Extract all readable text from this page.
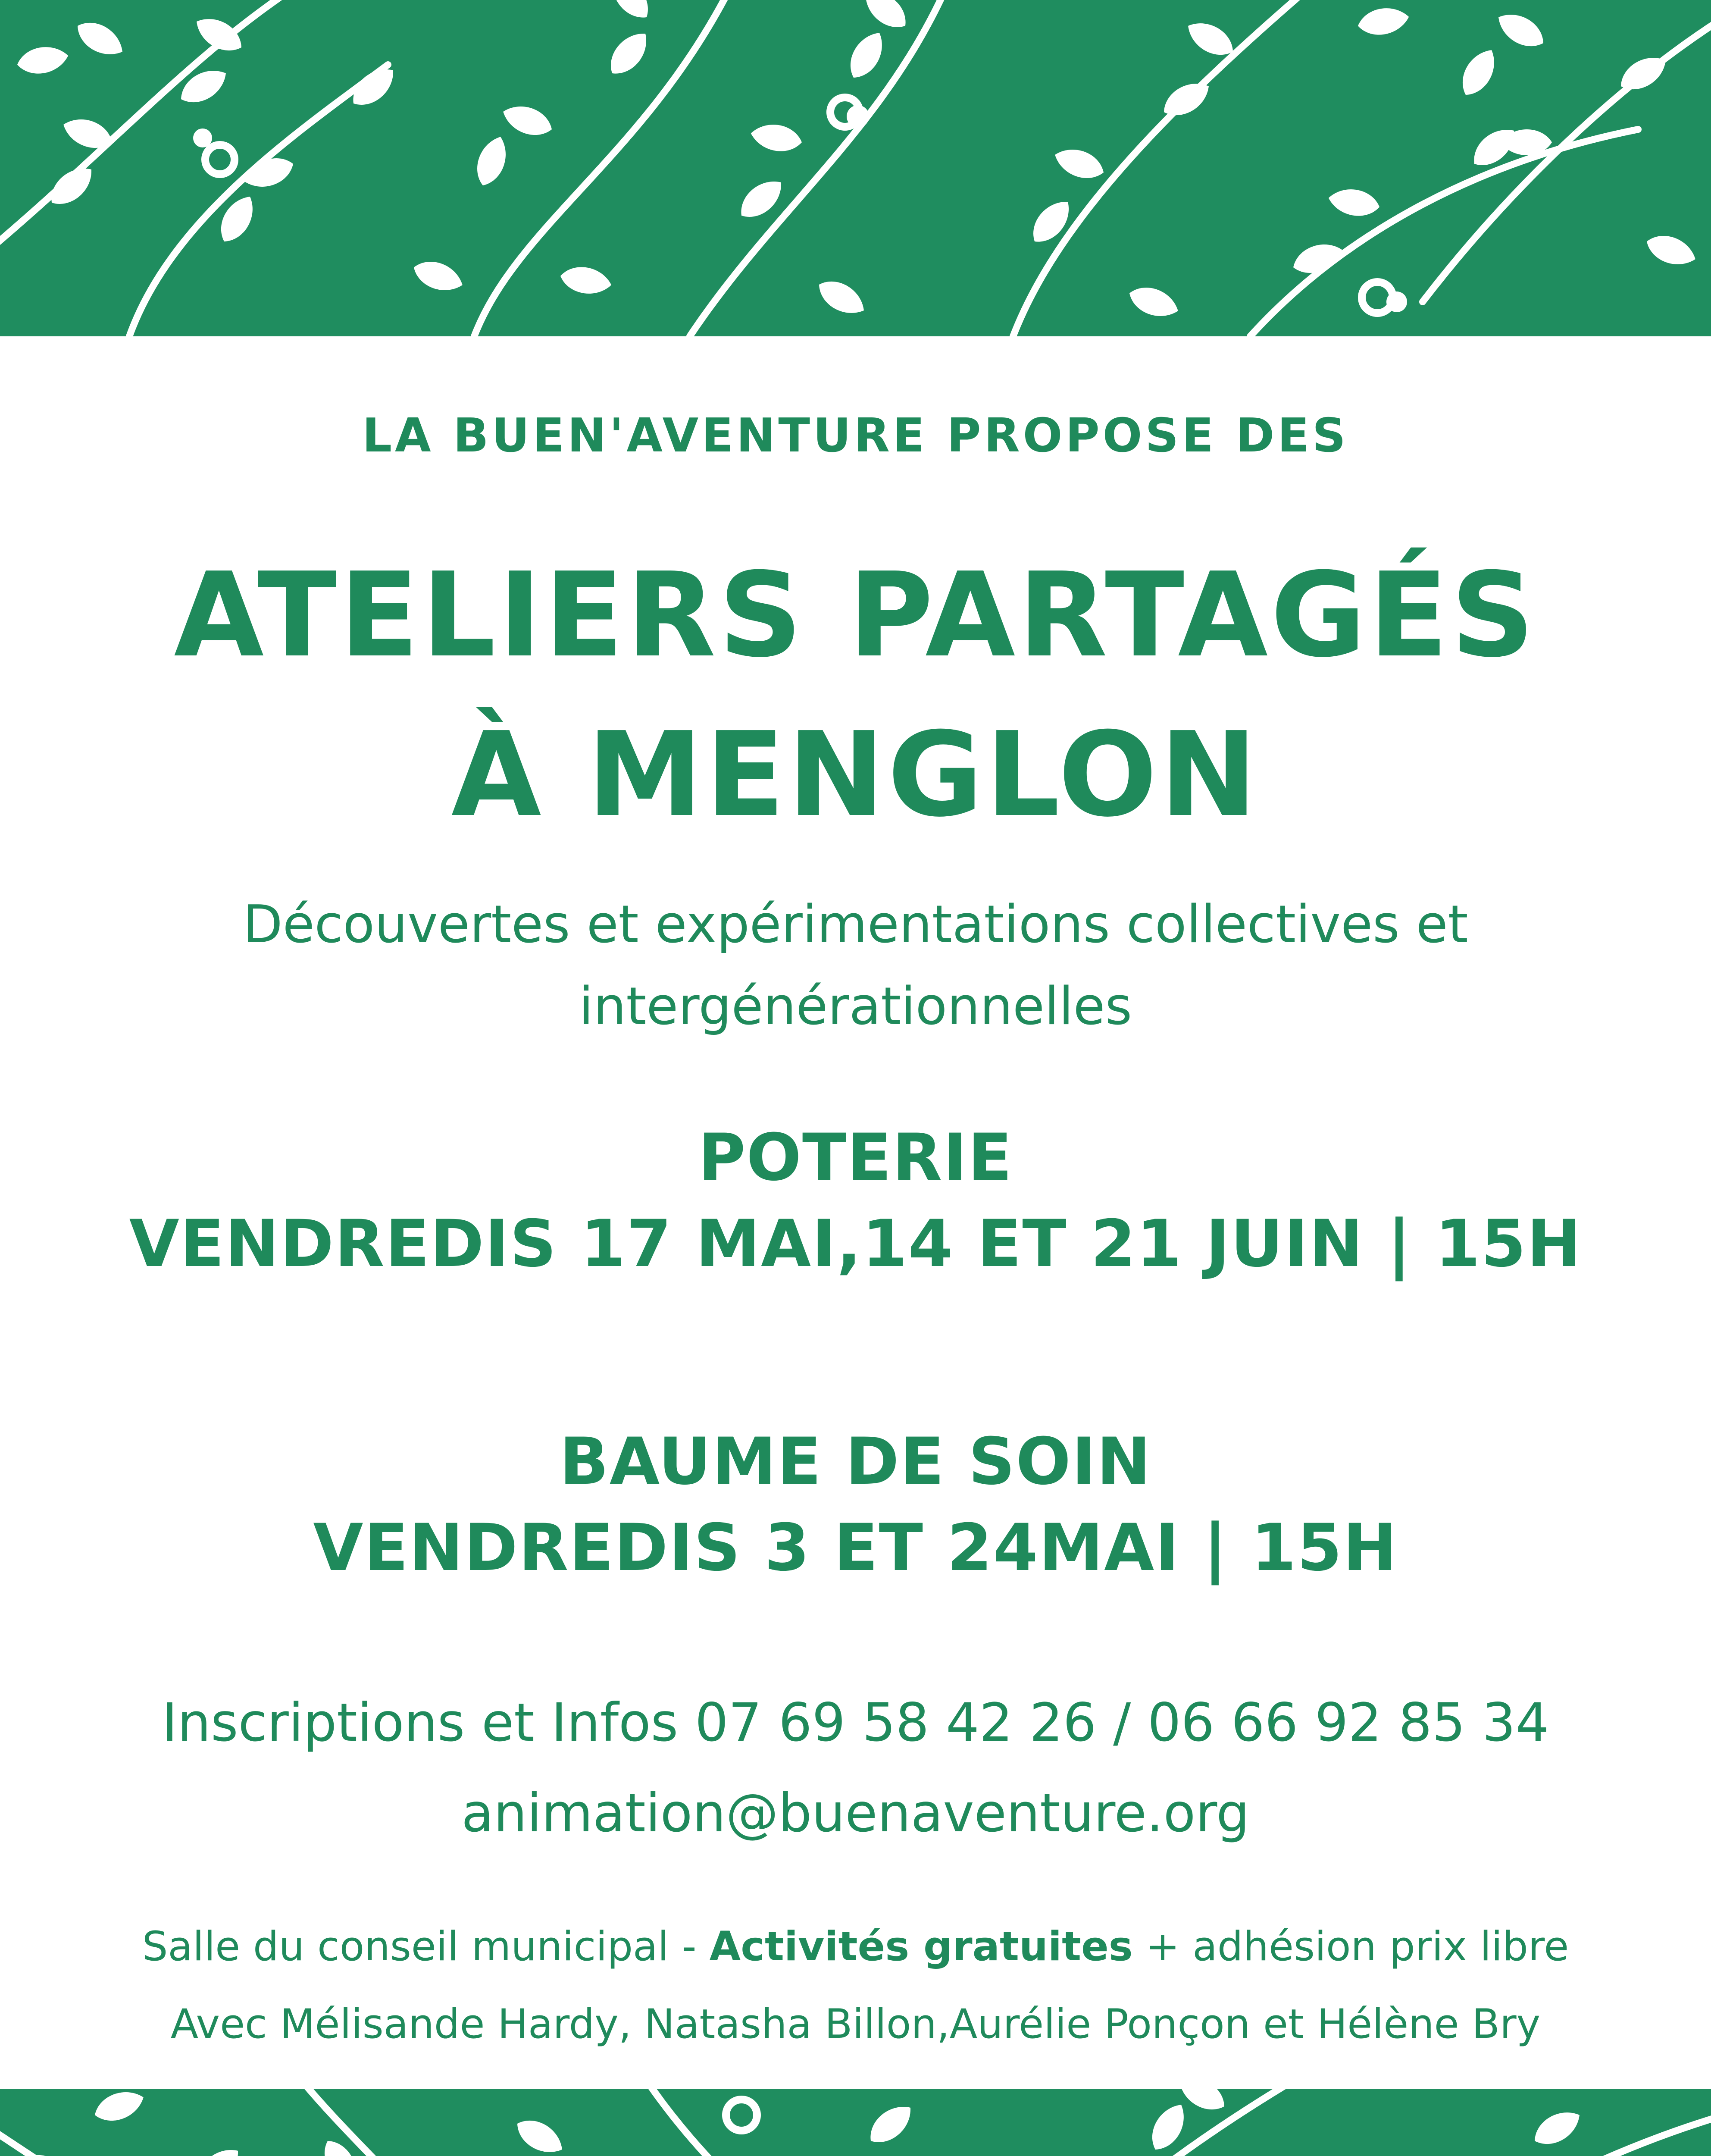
LA BUEN'AVENTURE PROPOSE DES
ATELIERS PARTAGÉS
À MENGLON
Découvertes et expérimentations collectives et
intergénérationnelles
POTERIE
VENDREDIS 17 MAI,14 ET 21 JUIN | 15H
BAUME DE SOIN
VENDREDIS 3 ET 24MAI | 15H
Inscriptions et Infos 07 69 58 42 26 / 06 66 92 85 34
animation@buenaventure.org
Salle du conseil municipal - Activités gratuites + adhésion prix libre
Avec Mélisande Hardy, Natasha Billon,Aurélie Ponçon et Hélène Bry
